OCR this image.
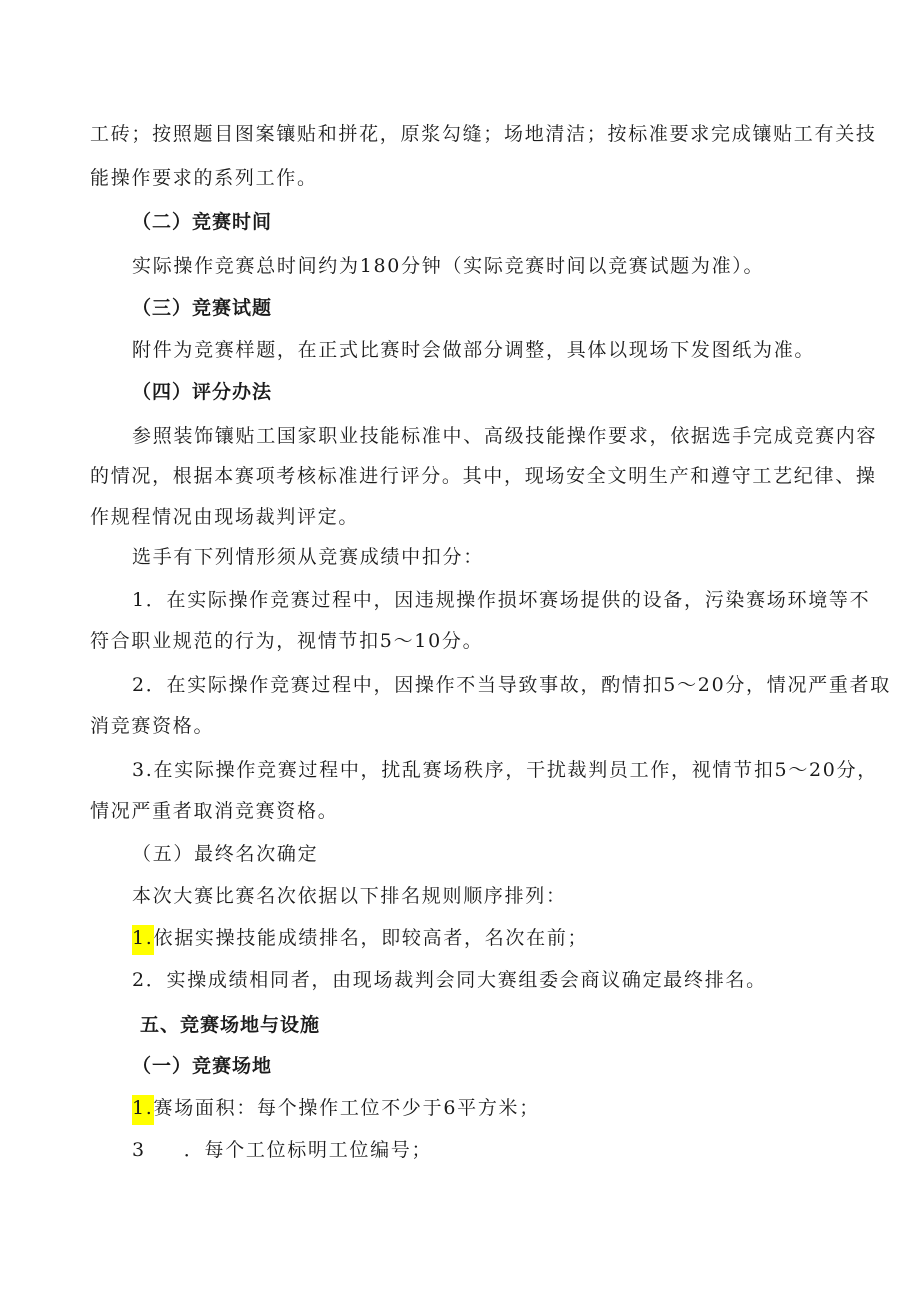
工砖；按照题目图案镶贴和拼花，原浆勾缝；场地清洁；按标准要求完成镶贴工有关技
能操作要求的系列工作。
（二）竞赛时间
实际操作竞赛总时间约为180分钟（实际竞赛时间以竞赛试题为准）。
（三）竞赛试题
附件为竞赛样题，在正式比赛时会做部分调整，具体以现场下发图纸为准。
（四）评分办法
参照装饰镶贴工国家职业技能标准中、高级技能操作要求，依据选手完成竞赛内容
的情况，根据本赛项考核标准进行评分。其中，现场安全文明生产和遵守工艺纪律、操
作规程情况由现场裁判评定。
选手有下列情形须从竞赛成绩中扣分：
1．在实际操作竞赛过程中，因违规操作损坏赛场提供的设备，污染赛场环境等不
符合职业规范的行为，视情节扣5～10分。
2．在实际操作竞赛过程中，因操作不当导致事故，酌情扣5～20分，情况严重者取
消竞赛资格。
3.在实际操作竞赛过程中，扰乱赛场秩序，干扰裁判员工作，视情节扣5～20分，
情况严重者取消竞赛资格。
（五）最终名次确定
本次大赛比赛名次依据以下排名规则顺序排列：
1.依据实操技能成绩排名，即较高者，名次在前；
2．实操成绩相同者，由现场裁判会同大赛组委会商议确定最终排名。
五、竞赛场地与设施
（一）竞赛场地
1.赛场面积：每个操作工位不少于6平方米；
3 ．每个工位标明工位编号；
